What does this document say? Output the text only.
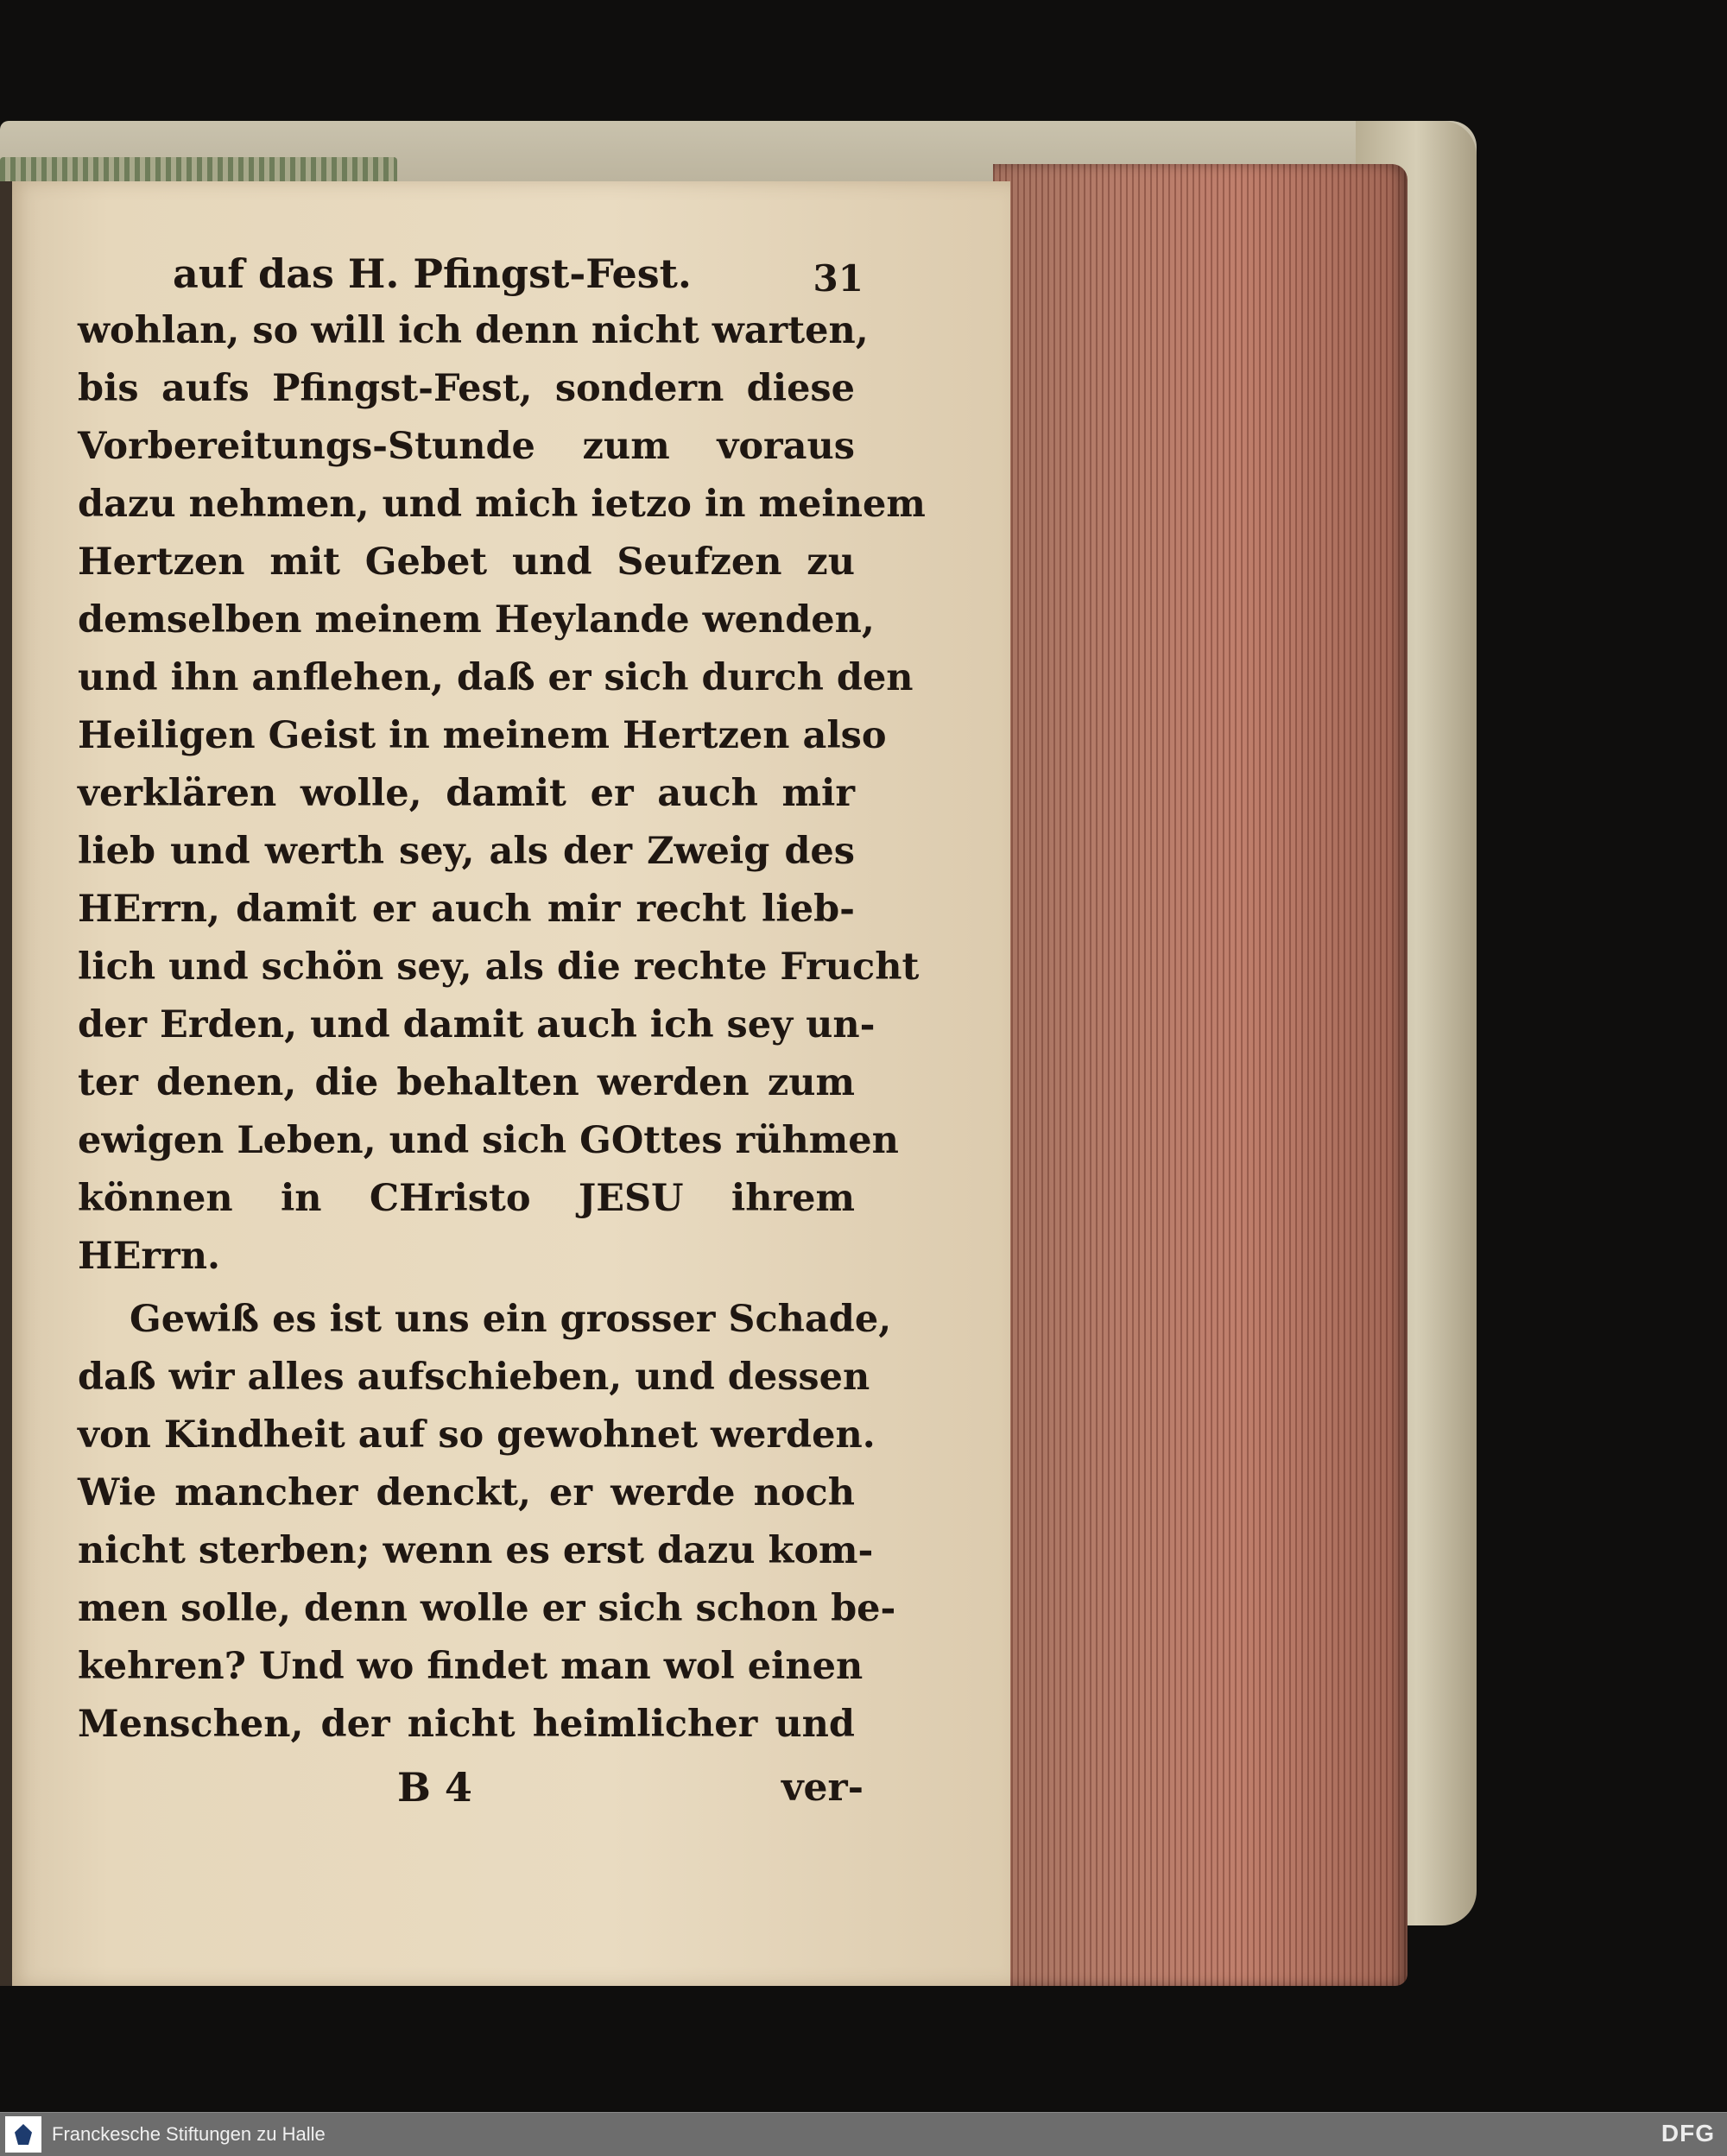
auf das H. Pfingst-Fest.	31
wohlan, so will ich denn nicht warten,
bis aufs Pfingst-Fest, sondern diese
Vorbereitungs-Stunde zum voraus
dazu nehmen, und mich ietzo in meinem
Hertzen mit Gebet und Seufzen zu
demselben meinem Heylande wenden,
und ihn anflehen, daß er sich durch den
Heiligen Geist in meinem Hertzen also
verklären wolle, damit er auch mir
lieb und werth sey, als der Zweig des
HErrn, damit er auch mir recht lieb-
lich und schön sey, als die rechte Frucht
der Erden, und damit auch ich sey un-
ter denen, die behalten werden zum
ewigen Leben, und sich GOttes rühmen
können in CHristo JESU ihrem
HErrn.
Gewiß es ist uns ein grosser Schade,
daß wir alles aufschieben, und dessen
von Kindheit auf so gewohnet werden.
Wie mancher denckt, er werde noch
nicht sterben; wenn es erst dazu kom-
men solle, denn wolle er sich schon be-
kehren? Und wo findet man wol einen
Menschen, der nicht heimlicher und
B 4	ver-
Franckesche Stiftungen zu Halle	DFG
